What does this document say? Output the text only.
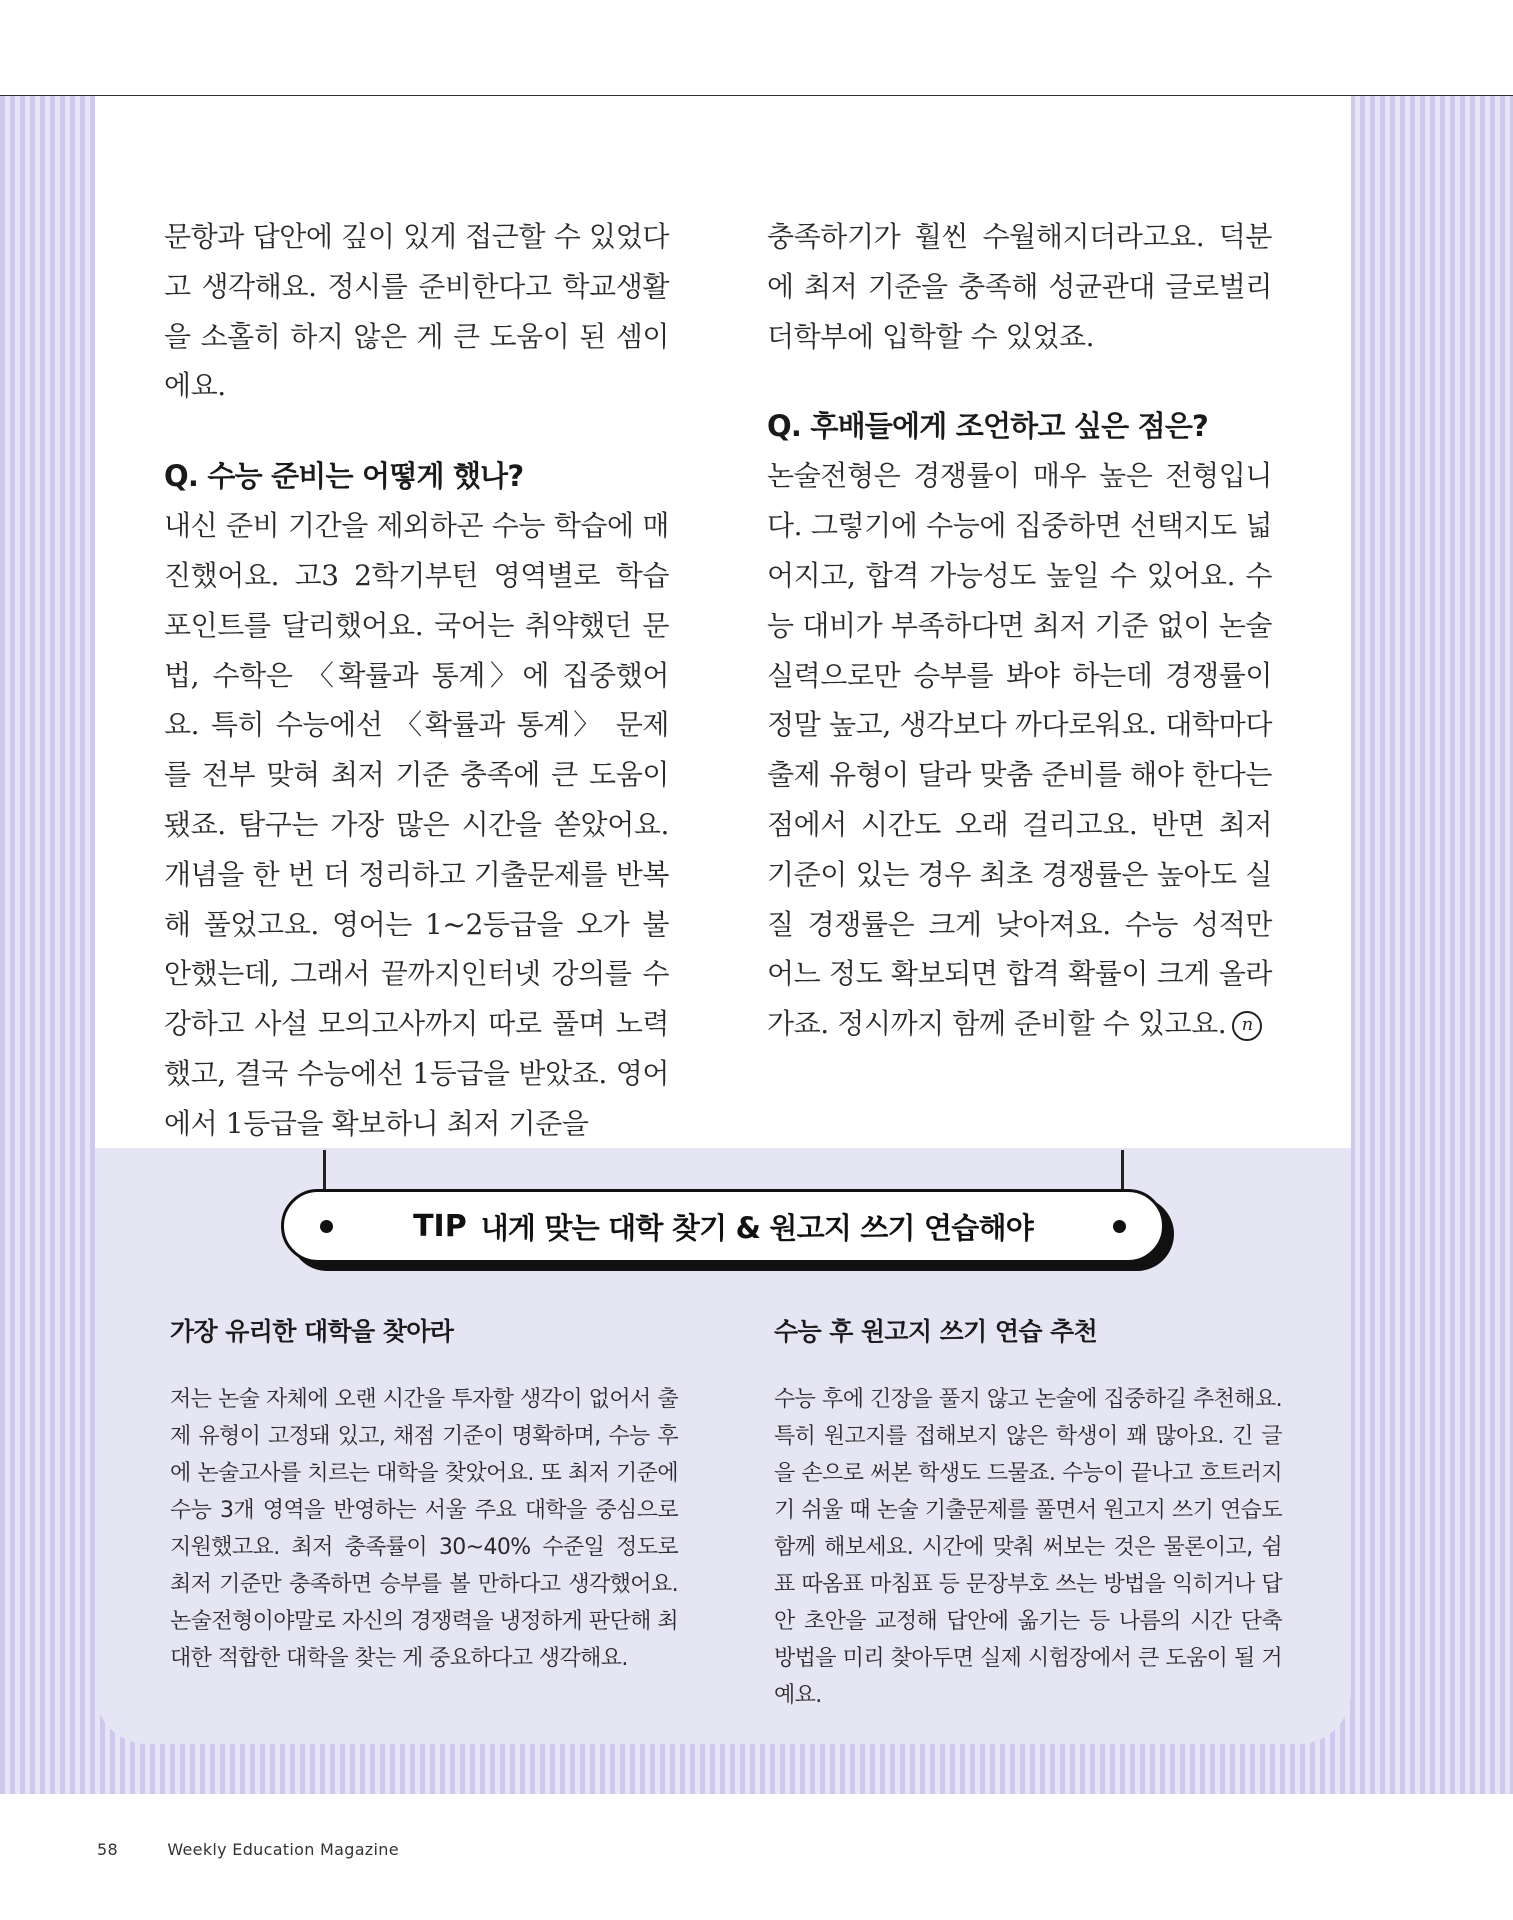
문항과 답안에 깊이 있게 접근할 수 있었다고 생각해요. 정시를 준비한다고 학교생활을 소홀히 하지 않은 게 큰 도움이 된 셈이에요.

Q. 수능 준비는 어떻게 했나?

내신 준비 기간을 제외하곤 수능 학습에 매진했어요. 고3 2학기부턴 영역별로 학습 포인트를 달리했어요. 국어는 취약했던 문법, 수학은 〈확률과 통계〉에 집중했어요. 특히 수능에선 〈확률과 통계〉 문제를 전부 맞혀 최저 기준 충족에 큰 도움이 됐죠. 탐구는 가장 많은 시간을 쏟았어요. 개념을 한 번 더 정리하고 기출문제를 반복해 풀었고요. 영어는 1~2등급을 오가 불안했는데, 그래서 끝까지인터넷 강의를 수강하고 사설 모의고사까지 따로 풀며 노력했고, 결국 수능에선 1등급을 받았죠. 영어에서 1등급을 확보하니 최저 기준을

충족하기가 훨씬 수월해지더라고요. 덕분에 최저 기준을 충족해 성균관대 글로벌리더학부에 입학할 수 있었죠.

Q. 후배들에게 조언하고 싶은 점은?

논술전형은 경쟁률이 매우 높은 전형입니다. 그렇기에 수능에 집중하면 선택지도 넓어지고, 합격 가능성도 높일 수 있어요. 수능 대비가 부족하다면 최저 기준 없이 논술 실력으로만 승부를 봐야 하는데 경쟁률이 정말 높고, 생각보다 까다로워요. 대학마다 출제 유형이 달라 맞춤 준비를 해야 한다는 점에서 시간도 오래 걸리고요. 반면 최저 기준이 있는 경우 최초 경쟁률은 높아도 실질 경쟁률은 크게 낮아져요. 수능 성적만 어느 정도 확보되면 합격 확률이 크게 올라가죠. 정시까지 함께 준비할 수 있고요. n

TIP 내게 맞는 대학 찾기 & 원고지 쓰기 연습해야

가장 유리한 대학을 찾아라

저는 논술 자체에 오랜 시간을 투자할 생각이 없어서 출제 유형이 고정돼 있고, 채점 기준이 명확하며, 수능 후에 논술고사를 치르는 대학을 찾았어요. 또 최저 기준에 수능 3개 영역을 반영하는 서울 주요 대학을 중심으로 지원했고요. 최저 충족률이 30~40% 수준일 정도로 최저 기준만 충족하면 승부를 볼 만하다고 생각했어요. 논술전형이야말로 자신의 경쟁력을 냉정하게 판단해 최대한 적합한 대학을 찾는 게 중요하다고 생각해요.

수능 후 원고지 쓰기 연습 추천

수능 후에 긴장을 풀지 않고 논술에 집중하길 추천해요. 특히 원고지를 접해보지 않은 학생이 꽤 많아요. 긴 글을 손으로 써본 학생도 드물죠. 수능이 끝나고 흐트러지기 쉬울 때 논술 기출문제를 풀면서 원고지 쓰기 연습도 함께 해보세요. 시간에 맞춰 써보는 것은 물론이고, 쉼표 따옴표 마침표 등 문장부호 쓰는 방법을 익히거나 답안 초안을 교정해 답안에 옮기는 등 나름의 시간 단축 방법을 미리 찾아두면 실제 시험장에서 큰 도움이 될 거예요.

58	Weekly Education Magazine
